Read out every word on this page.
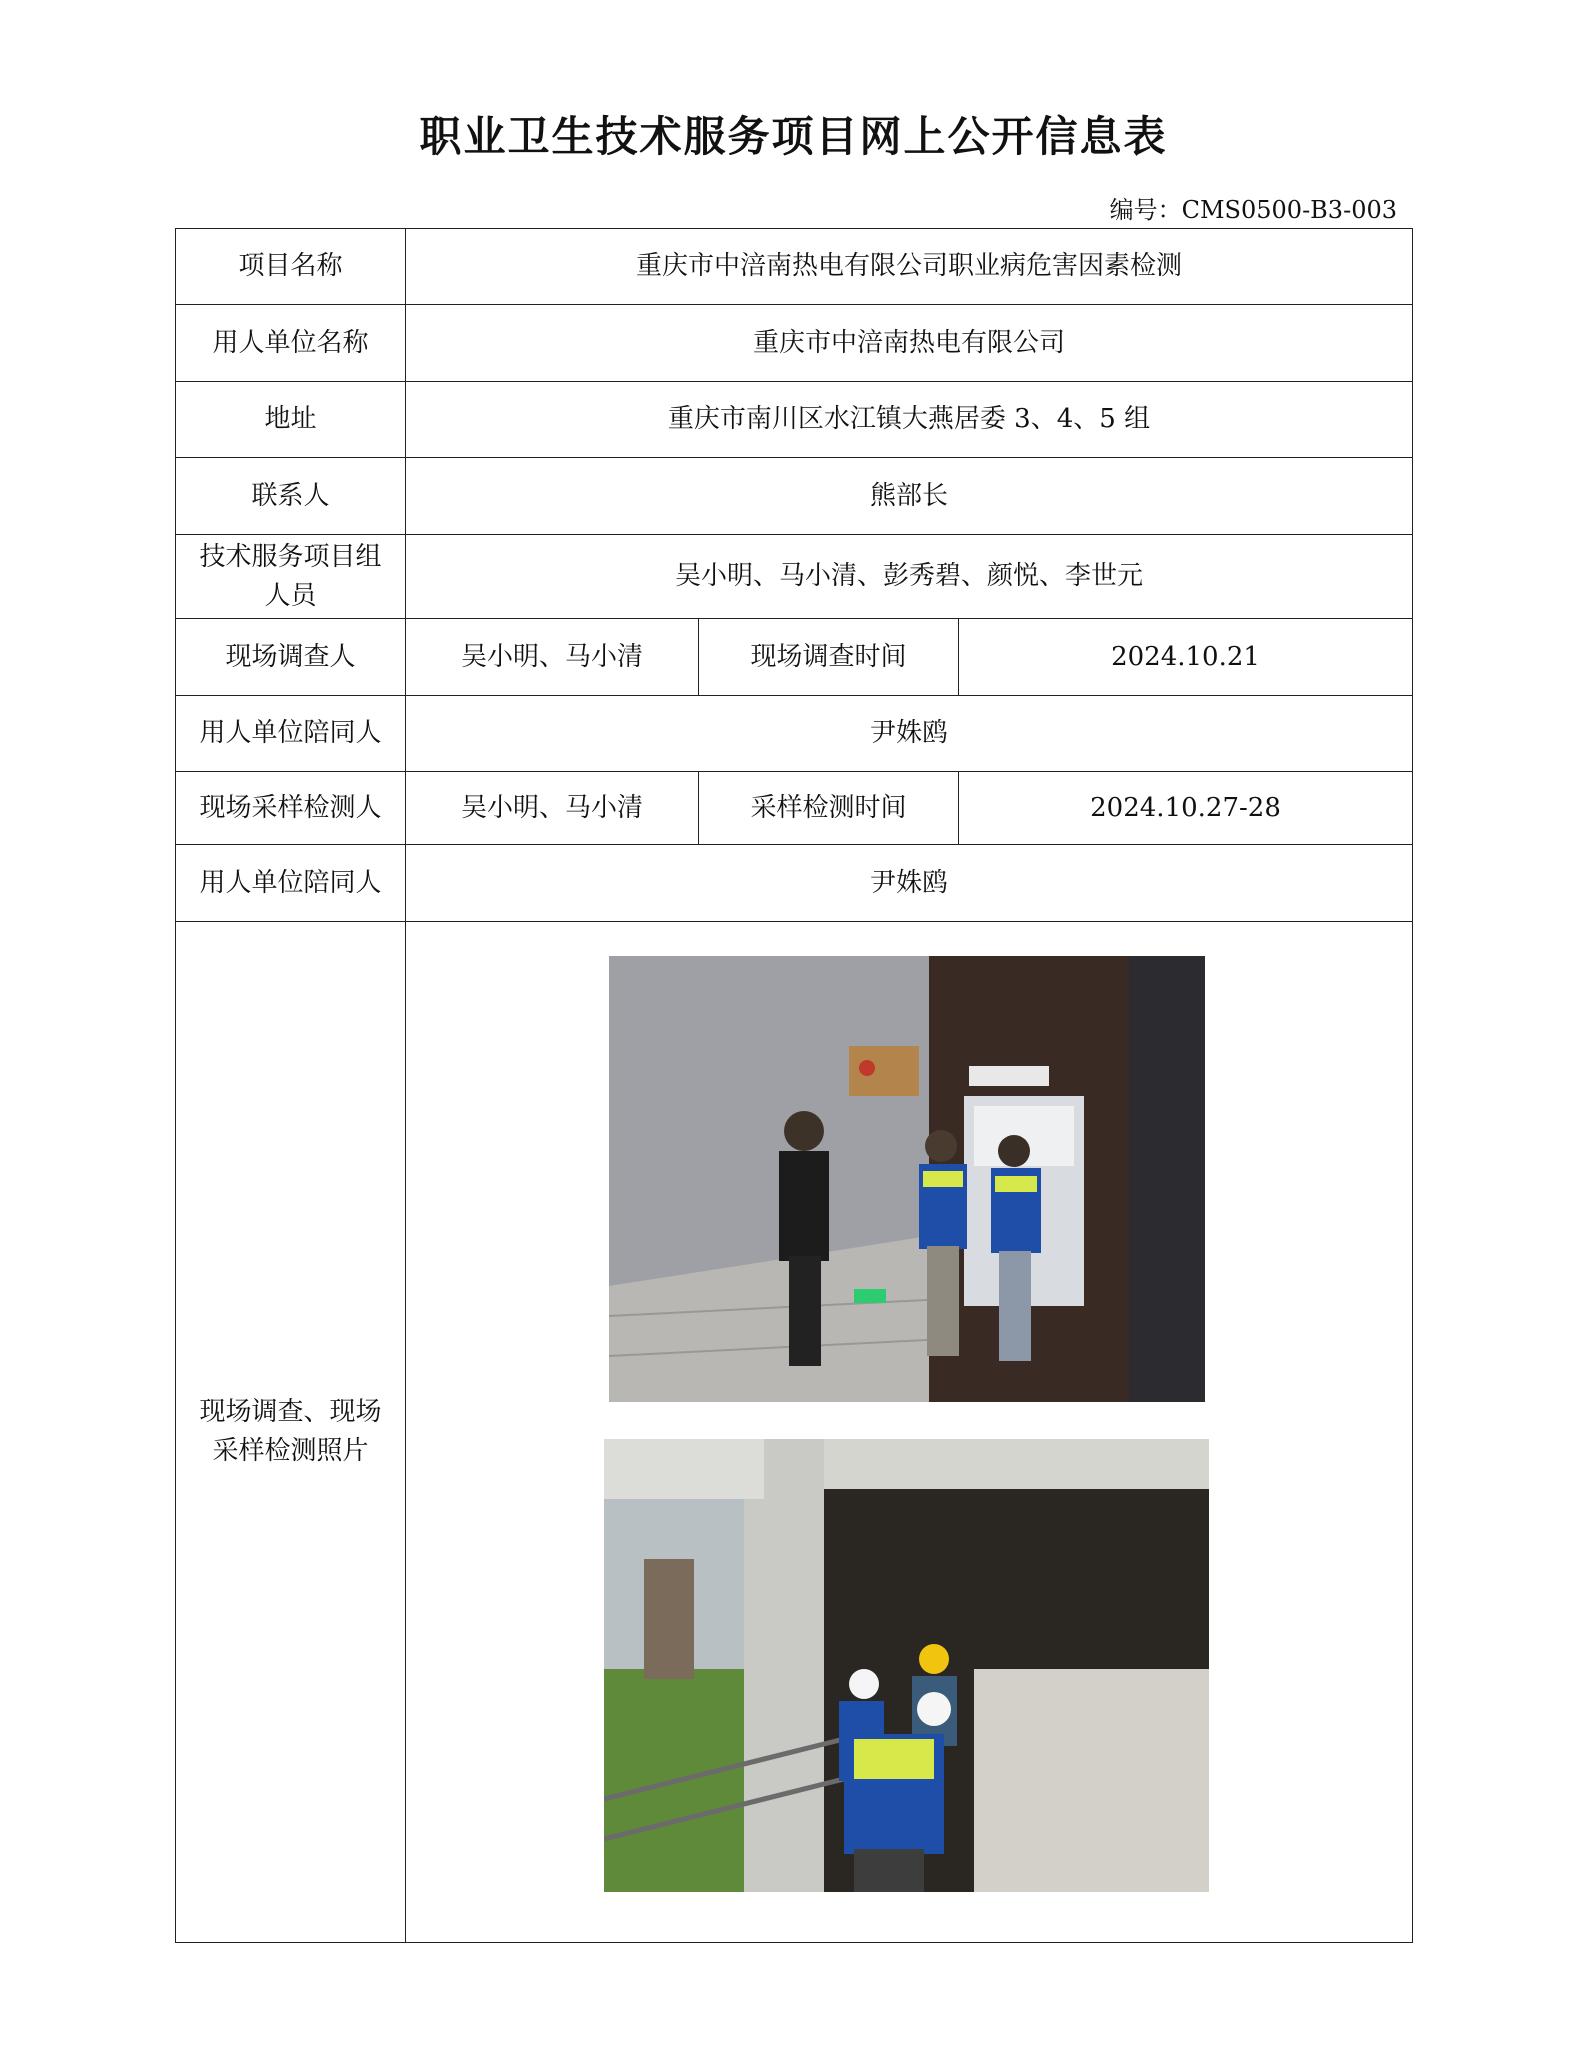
职业卫生技术服务项目网上公开信息表
编号：CMS0500-B3-003
项目名称	重庆市中涪南热电有限公司职业病危害因素检测		
用人单位名称	重庆市中涪南热电有限公司		
地址	重庆市南川区水江镇大燕居委 3、4、5 组		
联系人	熊部长		

技术服务项目组
人员	吴小明、马小清、彭秀碧、颜悦、李世元		
现场调查人	吴小明、马小清	现场调查时间	2024.10.21
用人单位陪同人	尹姝鸥		
现场采样检测人	吴小明、马小清	采样检测时间	2024.10.27-28
用人单位陪同人	尹姝鸥		

现场调查、现场
采样检测照片
